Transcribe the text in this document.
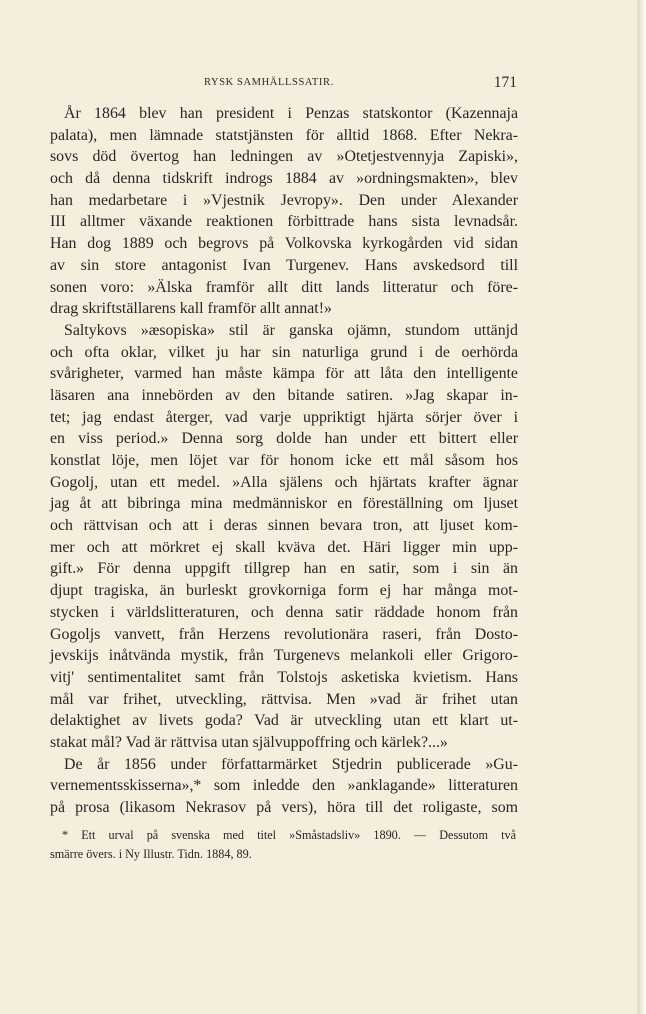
RYSK SAMHÄLLSSATIR.	171
År 1864 blev han president i Penzas statskontor (Kazennaja
palata), men lämnade statstjänsten för alltid 1868. Efter Nekra-
sovs död övertog han ledningen av »Otetjestvennyja Zapiski»,
och då denna tidskrift indrogs 1884 av »ordningsmakten», blev
han medarbetare i »Vjestnik Jevropy». Den under Alexander
III alltmer växande reaktionen förbittrade hans sista levnadsår.
Han dog 1889 och begrovs på Volkovska kyrkogården vid sidan
av sin store antagonist Ivan Turgenev. Hans avskedsord till
sonen voro: »Älska framför allt ditt lands litteratur och före-
drag skriftställarens kall framför allt annat!»
Saltykovs »æsopiska» stil är ganska ojämn, stundom uttänjd
och ofta oklar, vilket ju har sin naturliga grund i de oerhörda
svårigheter, varmed han måste kämpa för att låta den intelligente
läsaren ana innebörden av den bitande satiren. »Jag skapar in-
tet; jag endast återger, vad varje uppriktigt hjärta sörjer över i
en viss period.» Denna sorg dolde han under ett bittert eller
konstlat löje, men löjet var för honom icke ett mål såsom hos
Gogolj, utan ett medel. »Alla själens och hjärtats krafter ägnar
jag åt att bibringa mina medmänniskor en föreställning om ljuset
och rättvisan och att i deras sinnen bevara tron, att ljuset kom-
mer och att mörkret ej skall kväva det. Häri ligger min upp-
gift.» För denna uppgift tillgrep han en satir, som i sin än
djupt tragiska, än burleskt grovkorniga form ej har många mot-
stycken i världslitteraturen, och denna satir räddade honom från
Gogoljs vanvett, från Herzens revolutionära raseri, från Dosto-
jevskijs inåtvända mystik, från Turgenevs melankoli eller Grigoro-
vitj' sentimentalitet samt från Tolstojs asketiska kvietism. Hans
mål var frihet, utveckling, rättvisa. Men »vad är frihet utan
delaktighet av livets goda? Vad är utveckling utan ett klart ut-
stakat mål? Vad är rättvisa utan självuppoffring och kärlek?...»
De år 1856 under författarmärket Stjedrin publicerade »Gu-
vernementsskisserna»,* som inledde den »anklagande» litteraturen
på prosa (likasom Nekrasov på vers), höra till det roligaste, som
* Ett urval på svenska med titel »Småstadsliv» 1890. — Dessutom två
smärre övers. i Ny Illustr. Tidn. 1884, 89.
